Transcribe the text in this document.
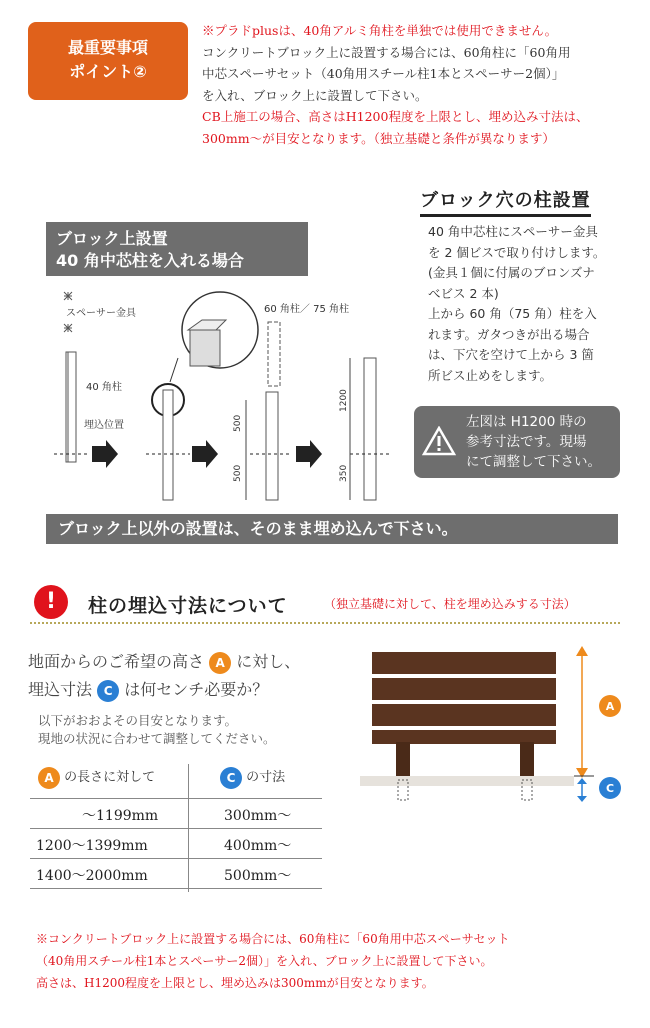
最重要事項
ポイント②
※プラドplusは、40角アルミ角柱を単独では使用できません。
コンクリートブロック上に設置する場合には、60角柱に「60角用
中芯スペーサセット（40角用スチール柱1本とスペーサー2個）」
を入れ、ブロック上に設置して下さい。
CB上施工の場合、高さはH1200程度を上限とし、埋め込み寸法は、
300mm～が目安となります。（独立基礎と条件が異なります）
ブロック穴の柱設置
40 角中芯柱にスペーサー金具
を 2 個ビスで取り付けします。
(金具１個に付属のブロンズナ
べビス 2 本)
上から 60 角（75 角）柱を入
れます。ガタつきが出る場合
は、下穴を空けて上から 3 箇
所ビス止めをします。
ブロック上設置
40 角中芯柱を入れる場合
スペーサー金具
40 角柱
埋込位置
60 角柱／ 75 角柱
500
500
1200
350
左図は H1200 時の
参考寸法です。現場
にて調整して下さい。
ブロック上以外の設置は、そのまま埋め込んで下さい。
!	柱の埋込寸法について	（独立基礎に対して、柱を埋め込みする寸法）
地面からのご希望の高さ A に対し、
埋込寸法 C は何センチ必要か？
以下がおおよその目安となります。
現地の状況に合わせて調整してください。
A の長さに対して	C の寸法
～1199mm	300mm～
1200～1399mm	400mm～
1400～2000mm	500mm～
A
C
※コンクリートブロック上に設置する場合には、60角柱に「60角用中芯スペーサセット
（40角用スチール柱1本とスペーサー2個）」を入れ、ブロック上に設置して下さい。
高さは、H1200程度を上限とし、埋め込みは300mmが目安となります。
